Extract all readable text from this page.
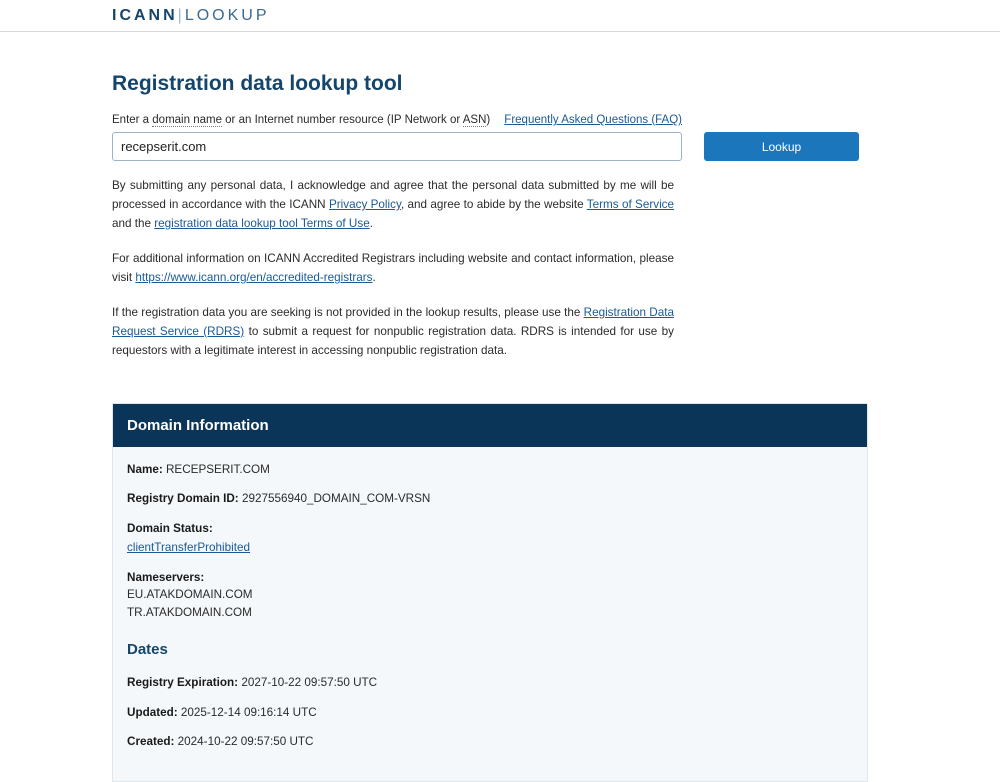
ICANN|LOOKUP
Registration data lookup tool
Enter a domain name or an Internet number resource (IP Network or ASN) Frequently Asked Questions (FAQ)
recepserit.com
Lookup

By submitting any personal data, I acknowledge and agree that the personal data submitted by me will be processed in accordance with the ICANN Privacy Policy, and agree to abide by the website Terms of Service and the registration data lookup tool Terms of Use.

For additional information on ICANN Accredited Registrars including website and contact information, please visit https://www.icann.org/en/accredited-registrars.

If the registration data you are seeking is not provided in the lookup results, please use the Registration Data Request Service (RDRS) to submit a request for nonpublic registration data. RDRS is intended for use by requestors with a legitimate interest in accessing nonpublic registration data.

Domain Information
Name: RECEPSERIT.COM
Registry Domain ID: 2927556940_DOMAIN_COM-VRSN
Domain Status:
clientTransferProhibited
Nameservers:

EU.ATAKDOMAIN.COM
TR.ATAKDOMAIN.COM
Dates
Registry Expiration: 2027-10-22 09:57:50 UTC
Updated: 2025-12-14 09:16:14 UTC
Created: 2024-10-22 09:57:50 UTC
